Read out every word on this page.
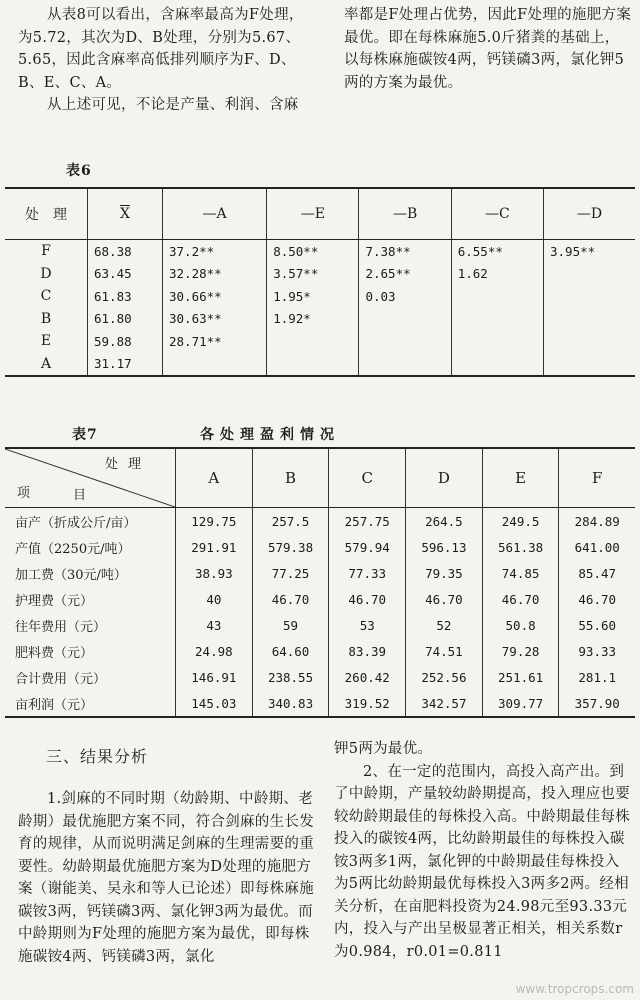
从表8可以看出，含麻率最高为F处理，为5.72，其次为D、B处理，分别为5.67、5.65，因此含麻率高低排列顺序为F、D、B、E、C、A。

从上述可见，不论是产量、利润、含麻

率都是F处理占优势，因此F处理的施肥方案最优。即在每株麻施5.0斤猪粪的基础上，以每株麻施碳铵4两，钙镁磷3两，氯化钾5两的方案为最优。

表6
处　理	$\overline{X}$	—A	—E	—B	—C	—D
F	68.38	37.2**	8.50**	7.38**	6.55**	3.95**
D	63.45	32.28**	3.57**	2.65**	1.62	
C	61.83	30.66**	1.95*	0.03		
B	61.80	30.63**	1.92*			
E	59.88	28.71**				
A	31.17					
表7	各处理盈利情况
处理
项 目	A	B	C	D	E	F
亩产（折成公斤/亩）	129.75	257.5	257.75	264.5	249.5	284.89
产值（2250元/吨）	291.91	579.38	579.94	596.13	561.38	641.00
加工费（30元/吨）	38.93	77.25	77.33	79.35	74.85	85.47
护理费（元）	40	46.70	46.70	46.70	46.70	46.70
往年费用（元）	43	59	53	52	50.8	55.60
肥料费（元）	24.98	64.60	83.39	74.51	79.28	93.33
合计费用（元）	146.91	238.55	260.42	252.56	251.61	281.1
亩利润（元）	145.03	340.83	319.52	342.57	309.77	357.90
三、结果分析

1.剑麻的不同时期（幼龄期、中龄期、老龄期）最优施肥方案不同，符合剑麻的生长发育的规律，从而说明满足剑麻的生理需要的重要性。幼龄期最优施肥方案为D处理的施肥方案（谢能美、吴永和等人已论述）即每株麻施碳铵3两，钙镁磷3两、氯化钾3两为最优。而中龄期则为F处理的施肥方案为最优，即每株施碳铵4两、钙镁磷3两，氯化

钾5两为最优。

2、在一定的范围内，高投入高产出。到了中龄期，产量较幼龄期提高，投入理应也要较幼龄期最佳的每株投入高。中龄期最佳每株投入的碳铵4两，比幼龄期最佳的每株投入碳铵3两多1两，氯化钾的中龄期最佳每株投入为5两比幼龄期最优每株投入3两多2两。经相关分析，在亩肥料投资为24.98元至93.33元内，投入与产出呈极显著正相关，相关系数r为0.984，r0.01=0.811

www.tropcrops.com
